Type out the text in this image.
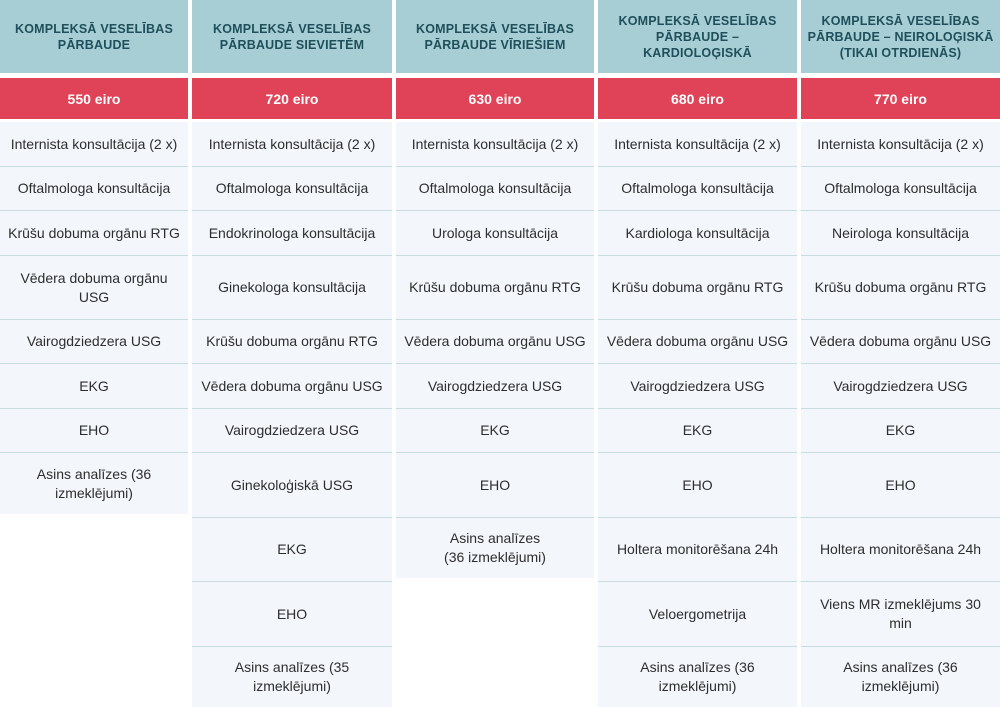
KOMPLEKSĀ VESELĪBAS PĀRBAUDE
550 eiro
Internista konsultācija (2 x)
Oftalmologa konsultācija
Krūšu dobuma orgānu RTG
Vēdera dobuma orgānu USG
Vairogdziedzera USG
EKG
EHO
Asins analīzes (36 izmeklējumi)
KOMPLEKSĀ VESELĪBAS PĀRBAUDE SIEVIETĒM
720 eiro
Internista konsultācija (2 x)
Oftalmologa konsultācija
Endokrinologa konsultācija
Ginekologa konsultācija
Krūšu dobuma orgānu RTG
Vēdera dobuma orgānu USG
Vairogdziedzera USG
Ginekoloģiskā USG
EKG
EHO
Asins analīzes (35 izmeklējumi)
KOMPLEKSĀ VESELĪBAS PĀRBAUDE VĪRIEŠIEM
630 eiro
Internista konsultācija (2 x)
Oftalmologa konsultācija
Urologa konsultācija
Krūšu dobuma orgānu RTG
Vēdera dobuma orgānu USG
Vairogdziedzera USG
EKG
EHO
Asins analīzes (36 izmeklējumi)
KOMPLEKSĀ VESELĪBAS PĀRBAUDE – KARDIOLOĢISKĀ
680 eiro
Internista konsultācija (2 x)
Oftalmologa konsultācija
Kardiologa konsultācija
Krūšu dobuma orgānu RTG
Vēdera dobuma orgānu USG
Vairogdziedzera USG
EKG
EHO
Holtera monitorēšana 24h
Veloergometrija
Asins analīzes (36 izmeklējumi)
KOMPLEKSĀ VESELĪBAS PĀRBAUDE – NEIROLOĢISKĀ (TIKAI OTRDIENĀS)
770 eiro
Internista konsultācija (2 x)
Oftalmologa konsultācija
Neirologa konsultācija
Krūšu dobuma orgānu RTG
Vēdera dobuma orgānu USG
Vairogdziedzera USG
EKG
EHO
Holtera monitorēšana 24h
Viens MR izmeklējums 30 min
Asins analīzes (36 izmeklējumi)
